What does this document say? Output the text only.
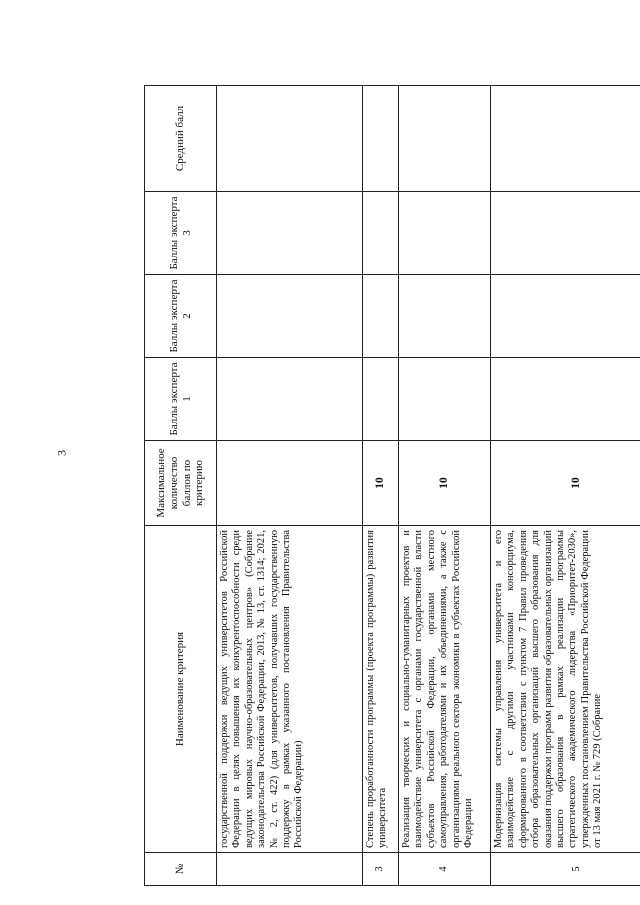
3
№	Наименование критерия	Максимальное количество баллов по критерию	Баллы эксперта 1	Баллы эксперта 2	Баллы эксперта 3	Средний балл
	государственной поддержки ведущих университетов Российской Федерации в целях повышения их конкурентоспособности среди ведущих мировых научно-образовательных центров» (Собрание законодательства Российской Федерации, 2013, № 13, ст. 1314; 2021, № 2, ст. 422) (для университетов, получавших государственную поддержку в рамках указанного постановления Правительства Российской Федерации)					
3	Степень проработанности программы (проекта программы) развития университета	10				
4	Реализация творческих и социально-гуманитарных проектов и взаимодействие университета с органами государственной власти субъектов Российской Федерации, органами местного самоуправления, работодателями и их объединениями, а также с организациями реального сектора экономики в субъектах Российской Федерации	10				
5	Модернизация системы управления университета и его взаимодействие с другими участниками консорциума, сформированного в соответствии с пунктом 7 Правил проведения отбора образовательных организаций высшего образования для оказания поддержки программ развития образовательных организаций высшего образования в рамках реализации программы стратегического академического лидерства «Приоритет-2030», утвержденных постановлением Правительства Российской Федерации от 13 мая 2021 г. № 729 (Собрание	10				
